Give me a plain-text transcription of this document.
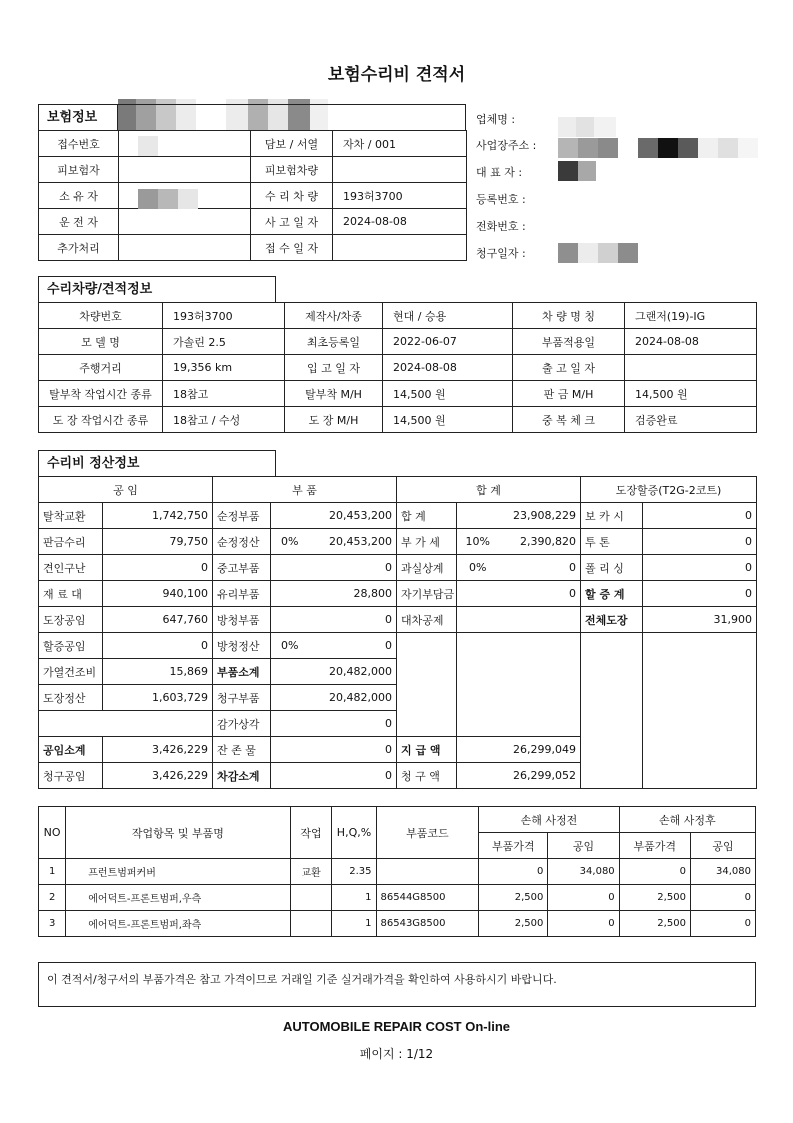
보험수리비 견적서
보험정보
접수번호		담보 / 서열	자차 / 001
피보험자		피보험차량	
소 유 자		수 리 차 량	193허3700
운 전 자		사 고 일 자	2024-08-08
추가처리		접 수 일 자	
업체명 :
사업장주소 :
대 표 자 :
등록번호 :
전화번호 :
청구일자 :
수리차량/견적정보
차량번호	193허3700	제작사/차종	현대 / 승용	차 량 명 칭	그랜저(19)-IG
모 델 명	가솔린 2.5	최초등록일	2022-06-07	부품적용일	2024-08-08
주행거리	19,356 km	입 고 일 자	2024-08-08	출 고 일 자	
탈부착 작업시간 종류	18참고	탈부착 M/H	14,500 원	판 금 M/H	14,500 원
도 장 작업시간 종류	18참고 / 수성	도 장 M/H	14,500 원	중 복 체 크	검증완료
수리비 정산정보
공 임		부 품			합 계			도장할증(T2G-2코트)	
탈착교환	1,742,750	순정부품		20,453,200	합 계		23,908,229	보 카 시	0
판금수리	79,750	순정정산	0%	20,453,200	부 가 세	10%	2,390,820	투 톤	0
견인구난	0	중고부품		0	과실상계	0%	0	폴 리 싱	0
재 료 대	940,100	유리부품		28,800	자기부담금		0	할 증 계	0
도장공임	647,760	방청부품		0	대차공제			전체도장	31,900
할증공임	0	방청정산	0%	0					
가열건조비	15,869	부품소계		20,482,000					
도장정산	1,603,729	청구부품		20,482,000					
		감가상각		0					
공임소계	3,426,229	잔 존 물		0	지 급 액		26,299,049		
청구공임	3,426,229	차감소계		0	청 구 액		26,299,052		
NO	작업항목 및 부품명	작업	H,Q,%	부품코드	손해 사정전		손해 사정후	
					부품가격	공임	부품가격	공임
1	프런트범퍼커버	교환	2.35		0	34,080	0	34,080
2	에어덕트-프론트범퍼,우측		1	86544G8500	2,500	0	2,500	0
3	에어덕트-프론트범퍼,좌측		1	86543G8500	2,500	0	2,500	0
이 견적서/청구서의 부품가격은 참고 가격이므로 거래일 기준 실거래가격을 확인하여 사용하시기 바랍니다.
AUTOMOBILE REPAIR COST On-line
페이지 : 1/12
